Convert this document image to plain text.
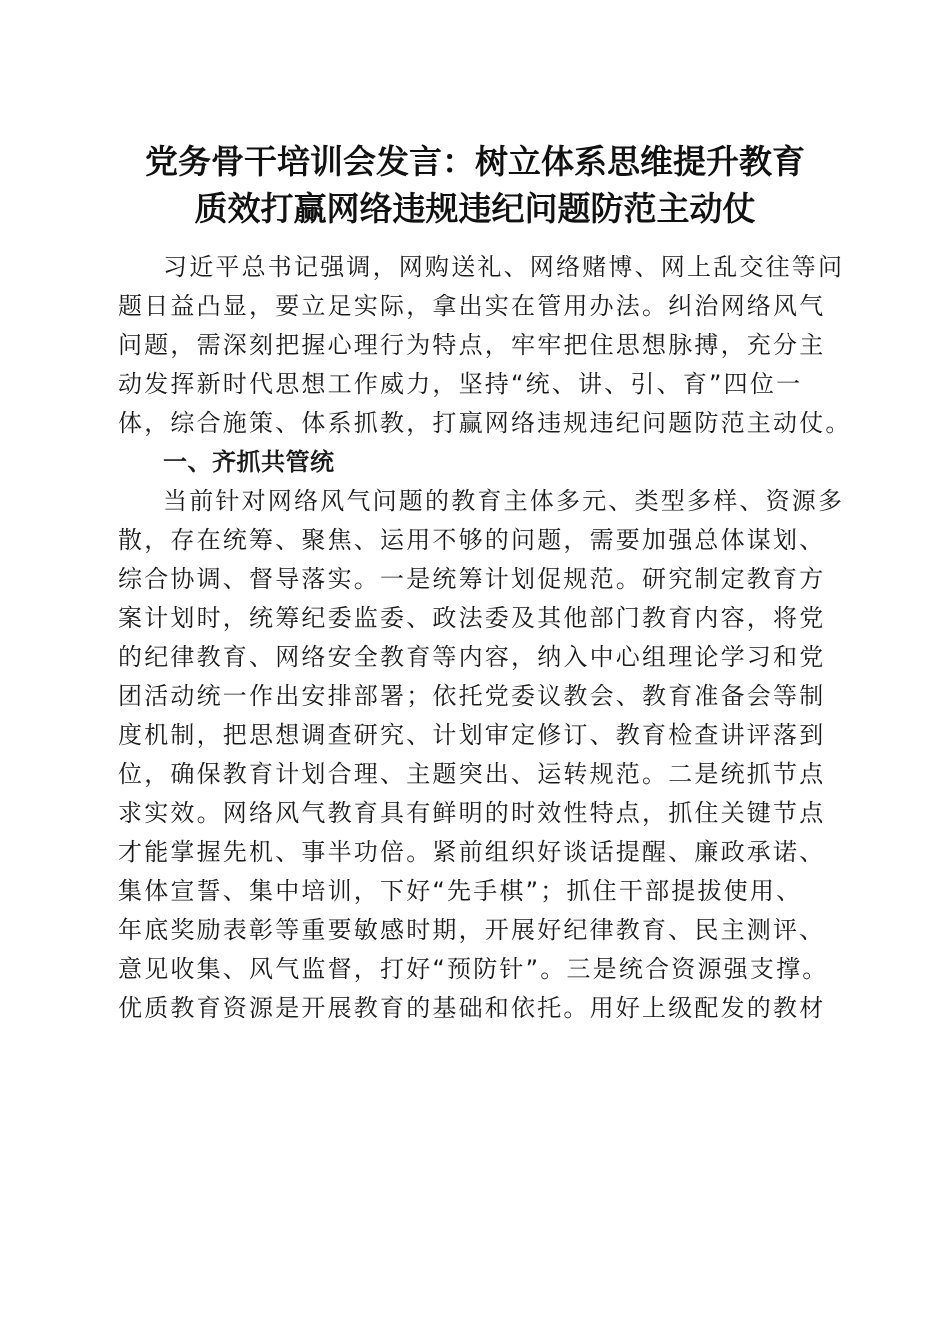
党务骨干培训会发言：树立体系思维提升教育
质效打赢网络违规违纪问题防范主动仗
习近平总书记强调，网购送礼、网络赌博、网上乱交往等问
题日益凸显，要立足实际，拿出实在管用办法。纠治网络风气
问题，需深刻把握心理行为特点，牢牢把住思想脉搏，充分主
动发挥新时代思想工作威力，坚持“统、讲、引、育”四位一
体，综合施策、体系抓教，打赢网络违规违纪问题防范主动仗。
一、齐抓共管统
当前针对网络风气问题的教育主体多元、类型多样、资源多
散，存在统筹、聚焦、运用不够的问题，需要加强总体谋划、
综合协调、督导落实。一是统筹计划促规范。研究制定教育方
案计划时，统筹纪委监委、政法委及其他部门教育内容，将党
的纪律教育、网络安全教育等内容，纳入中心组理论学习和党
团活动统一作出安排部署；依托党委议教会、教育准备会等制
度机制，把思想调查研究、计划审定修订、教育检查讲评落到
位，确保教育计划合理、主题突出、运转规范。二是统抓节点
求实效。网络风气教育具有鲜明的时效性特点，抓住关键节点
才能掌握先机、事半功倍。紧前组织好谈话提醒、廉政承诺、
集体宣誓、集中培训，下好“先手棋”；抓住干部提拔使用、
年底奖励表彰等重要敏感时期，开展好纪律教育、民主测评、
意见收集、风气监督，打好“预防针”。三是统合资源强支撑。
优质教育资源是开展教育的基础和依托。用好上级配发的教材
